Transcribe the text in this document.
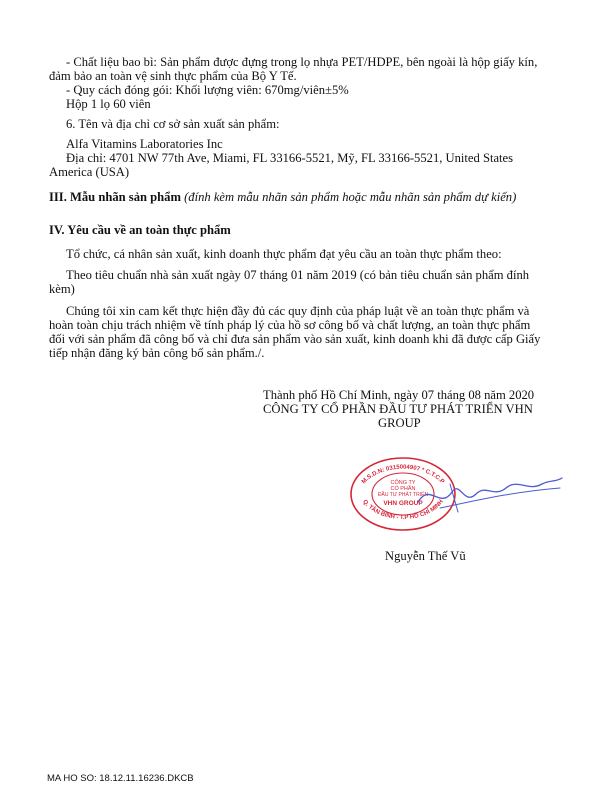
- Chất liệu bao bì: Sản phẩm được đựng trong lọ nhựa PET/HDPE, bên ngoài là hộp giấy kín,
đảm bảo an toàn vệ sinh thực phẩm của Bộ Y Tế.
- Quy cách đóng gói: Khối lượng viên: 670mg/viên±5%
Hộp 1 lọ 60 viên
6. Tên và địa chỉ cơ sở sản xuất sản phẩm:
Alfa Vitamins Laboratories Inc
Địa chỉ: 4701 NW 77th Ave, Miami, FL 33166-5521, Mỹ, FL 33166-5521, United States
America (USA)
III. Mẫu nhãn sản phẩm (đính kèm mẫu nhãn sản phẩm hoặc mẫu nhãn sản phẩm dự kiến)
IV. Yêu cầu về an toàn thực phẩm
Tổ chức, cá nhân sản xuất, kinh doanh thực phẩm đạt yêu cầu an toàn thực phẩm theo:
Theo tiêu chuẩn nhà sản xuất ngày 07 tháng 01 năm 2019 (có bản tiêu chuẩn sản phẩm đính
kèm)
Chúng tôi xin cam kết thực hiện đầy đủ các quy định của pháp luật về an toàn thực phẩm và
hoàn toàn chịu trách nhiệm về tính pháp lý của hồ sơ công bố và chất lượng, an toàn thực phẩm
đối với sản phẩm đã công bố và chỉ đưa sản phẩm vào sản xuất, kinh doanh khi đã được cấp Giấy
tiếp nhận đăng ký bản công bố sản phẩm./.
Thành phố Hồ Chí Minh, ngày 07 tháng 08 năm 2020
CÔNG TY CỔ PHẦN ĐẦU TƯ PHÁT TRIỂN VHN
GROUP
M.S.D.N: 0315004907 * C.T.C.P
Q. TÂN BÌNH - T.P HỒ CHÍ MINH
CÔNG TY
CỔ PHẦN
ĐẦU TƯ PHÁT TRIỂN
VHN GROUP
Nguyễn Thế Vũ
MA HO SO: 18.12.11.16236.DKCB
